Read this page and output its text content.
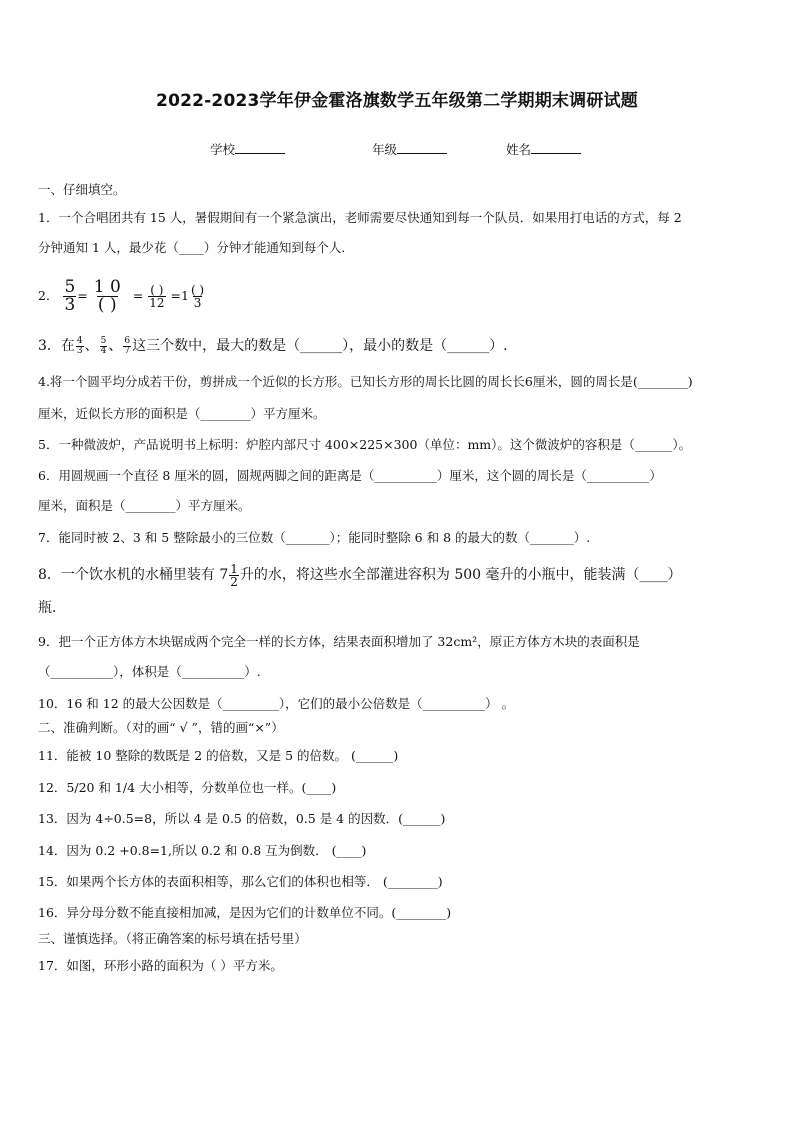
2022-2023学年伊金霍洛旗数学五年级第二学期期末调研试题
学校	年级	姓名
一、仔细填空。
1．一个合唱团共有 15 人，暑假期间有一个紧急演出，老师需要尽快通知到每一个队员．如果用打电话的方式，每 2
分钟通知 1 人，最少花（____）分钟才能通知到每个人．
2． $\frac{5}{3} = \frac{1 0}{( )} = \frac{( )}{12} =1 \frac{( )}{3}$
3．在 $\frac{4}{3}$ 、 $\frac{5}{4}$ 、 $\frac{6}{7}$ 这三个数中，最大的数是（______），最小的数是（______）.
4.将一个圆平均分成若干份，剪拼成一个近似的长方形。已知长方形的周长比圆的周长长6厘米，圆的周长是(________)
厘米，近似长方形的面积是（________）平方厘米。
5．一种微波炉，产品说明书上标明：炉腔内部尺寸 400×225×300（单位：mm）。这个微波炉的容积是（______）。
6．用圆规画一个直径 8 厘米的圆，圆规两脚之间的距离是（__________）厘米，这个圆的周长是（__________）
厘米，面积是（________）平方厘米。
7．能同时被 2、3 和 5 整除最小的三位数（_______）；能同时整除 6 和 8 的最大的数（_______）.
8．一个饮水机的水桶里装有 $7 \frac{1}{2}$ 升的水，将这些水全部灌进容积为 500 毫升的小瓶中，能装满（____）
瓶．
9．把一个正方体方木块锯成两个完全一样的长方体，结果表面积增加了 32cm²，原正方体方木块的表面积是
（__________），体积是（__________）.
10．16 和 12 的最大公因数是（_________），它们的最小公倍数是（__________） 。
二、准确判断。（对的画“ √ ”，错的画“×”）
11．能被 10 整除的数既是 2 的倍数，又是 5 的倍数。 (______)
12．5/20 和 1/4 大小相等，分数单位也一样。(____)
13．因为 4÷0.5=8，所以 4 是 0.5 的倍数，0.5 是 4 的因数．(______)
14．因为 0.2 +0.8=1,所以 0.2 和 0.8 互为倒数． (____)
15．如果两个长方体的表面积相等，那么它们的体积也相等． (________)
16．异分母分数不能直接相加减，是因为它们的计数单位不同。(________)
三、谨慎选择。（将正确答案的标号填在括号里）
17．如图，环形小路的面积为（ ）平方米。
